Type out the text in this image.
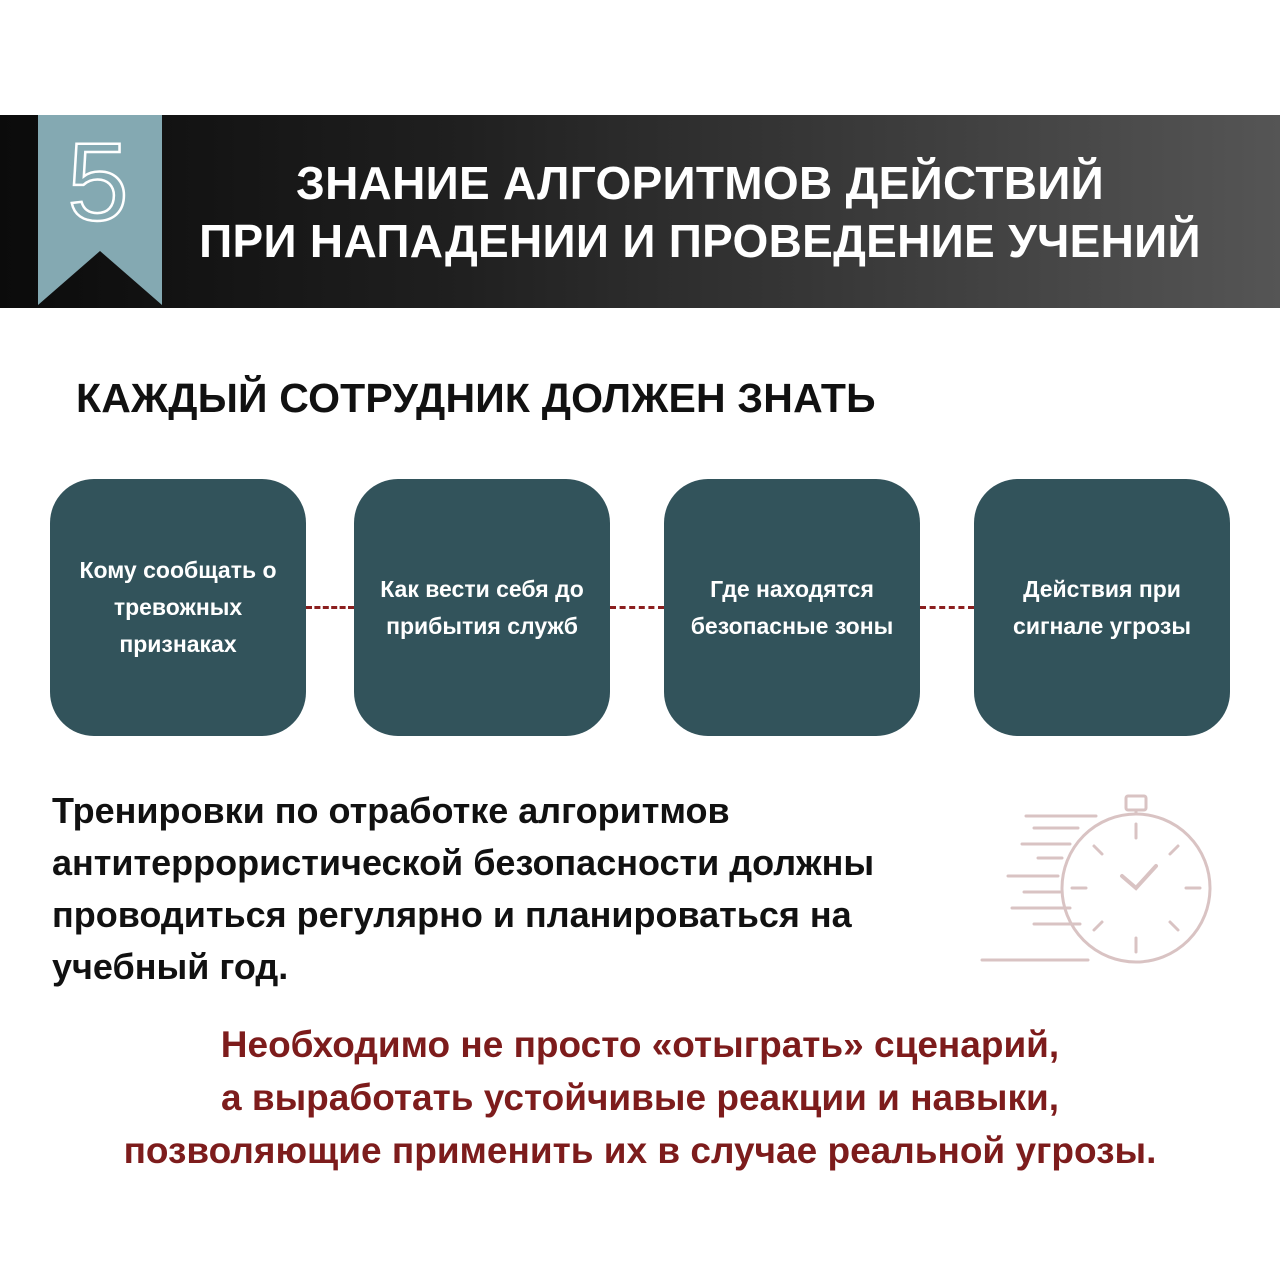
5	ЗНАНИЕ АЛГОРИТМОВ ДЕЙСТВИЙ
ПРИ НАПАДЕНИИ И ПРОВЕДЕНИЕ УЧЕНИЙ
КАЖДЫЙ СОТРУДНИК ДОЛЖЕН ЗНАТЬ
Кому сообщать о тревожных признаках
Как вести себя до прибытия служб
Где находятся безопасные зоны
Действия при сигнале угрозы
Тренировки по отработке алгоритмов антитеррористической безопасности должны проводиться регулярно и планироваться на учебный год.
Необходимо не просто «отыграть» сценарий,
а выработать устойчивые реакции и навыки,
позволяющие применить их в случае реальной угрозы.
